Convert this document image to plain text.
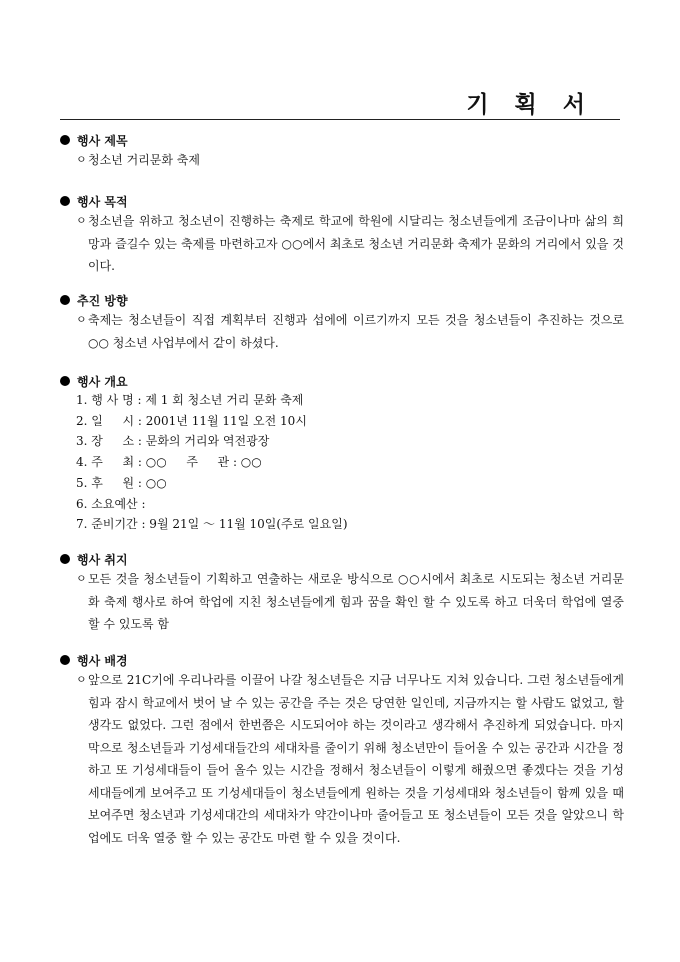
기 획 서
행사 제목
ㅇ 청소년 거리문화 축제
행사 목적
ㅇ 청소년을 위하고 청소년이 진행하는 축제로 학교에 학원에 시달리는 청소년들에게 조금이나마 삶의 희망과 즐길수 있는 축제를 마련하고자 ○○에서 최초로 청소년 거리문화 축제가 문화의 거리에서 있을 것이다.
추진 방향
ㅇ 축제는 청소년들이 직접 계획부터 진행과 섭에에 이르기까지 모든 것을 청소년들이 추진하는 것으로 ○○ 청소년 사업부에서 같이 하셨다.
행사 개요
1. 행 사 명 : 제 1 회 청소년 거리 문화 축제
2. 일 　 시 : 2001년 11월 11일 오전 10시
3. 장 　 소 : 문화의 거리와 역전광장
4. 주 　 최 : ○○ 　 주 　 관 : ○○
5. 후 　 원 : ○○
6. 소요예산 :
7. 준비기간 : 9월 21일 ～ 11월 10일(주로 일요일)
행사 취지
ㅇ 모든 것을 청소년들이 기획하고 연출하는 새로운 방식으로 ○○시에서 최초로 시도되는 청소년 거리문화 축제 행사로 하여 학업에 지친 청소년들에게 힘과 꿈을 확인 할 수 있도록 하고 더욱더 학업에 열중할 수 있도록 함
행사 배경
ㅇ 앞으로 21C기에 우리나라를 이끌어 나갈 청소년들은 지금 너무나도 지쳐 있습니다. 그런 청소년들에게 힘과 잠시 학교에서 벗어 날 수 있는 공간을 주는 것은 당연한 일인데, 지금까지는 할 사람도 없었고, 할 생각도 없었다. 그런 점에서 한번쯤은 시도되어야 하는 것이라고 생각해서 추진하게 되었습니다. 마지막으로 청소년들과 기성세대들간의 세대차를 줄이기 위해 청소년만이 들어올 수 있는 공간과 시간을 정하고 또 기성세대들이 들어 올수 있는 시간을 정해서 청소년들이 이렇게 해줬으면 좋겠다는 것을 기성세대들에게 보여주고 또 기성세대들이 청소년들에게 원하는 것을 기성세대와 청소년들이 함께 있을 때 보여주면 청소년과 기성세대간의 세대차가 약간이나마 줄어들고 또 청소년들이 모든 것을 알았으니 학업에도 더욱 열중 할 수 있는 공간도 마련 할 수 있을 것이다.
